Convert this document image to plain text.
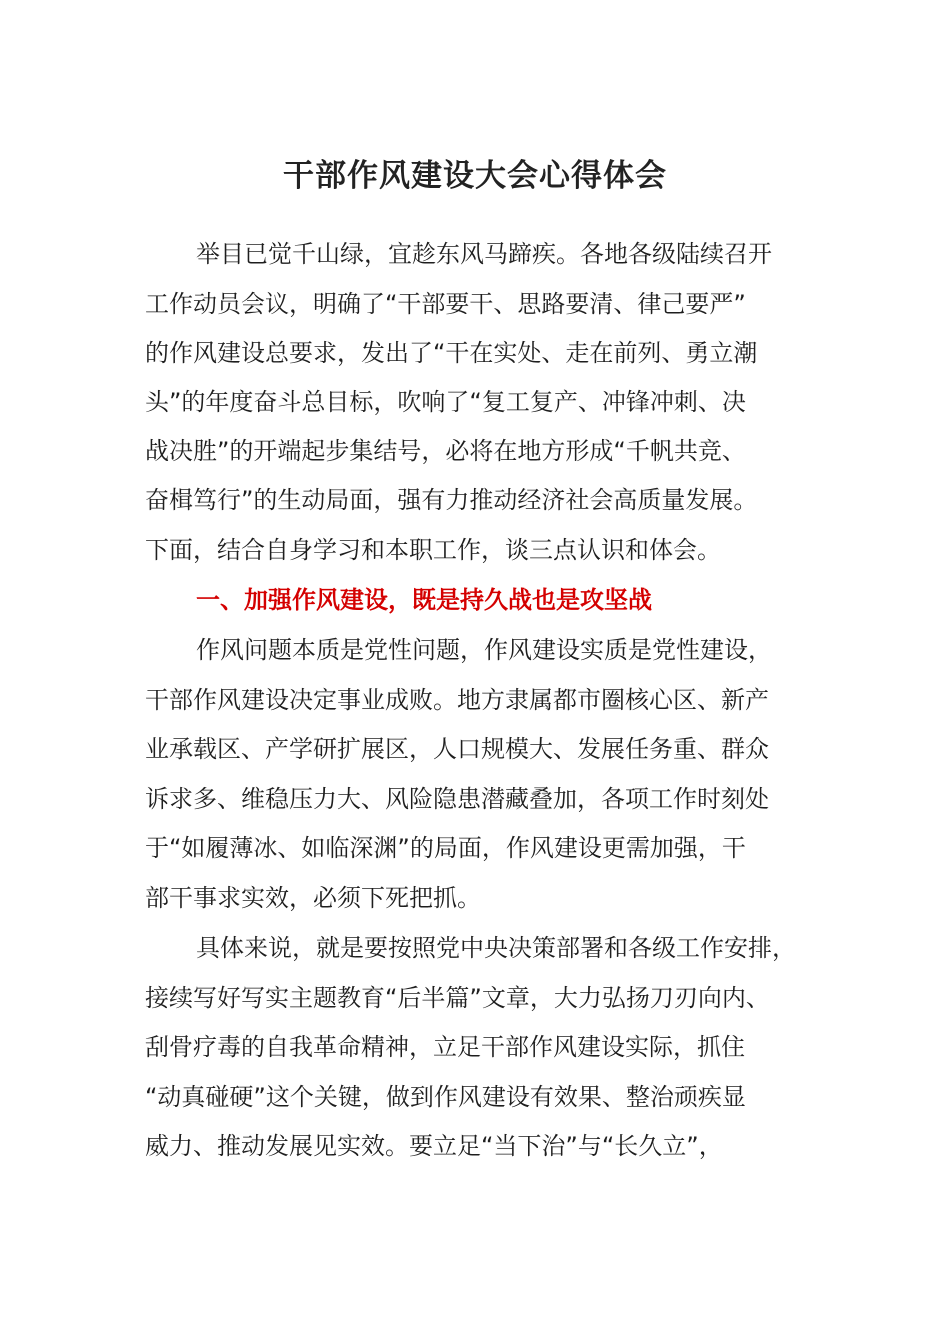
干部作风建设大会心得体会
举目已觉千山绿，宜趁东风马蹄疾。各地各级陆续召开
工作动员会议，明确了“干部要干、思路要清、律己要严”
的作风建设总要求，发出了“干在实处、走在前列、勇立潮
头”的年度奋斗总目标，吹响了“复工复产、冲锋冲刺、决
战决胜”的开端起步集结号，必将在地方形成“千帆共竞、
奋楫笃行”的生动局面，强有力推动经济社会高质量发展。
下面，结合自身学习和本职工作，谈三点认识和体会。
一、加强作风建设，既是持久战也是攻坚战
作风问题本质是党性问题，作风建设实质是党性建设，
干部作风建设决定事业成败。地方隶属都市圈核心区、新产
业承载区、产学研扩展区，人口规模大、发展任务重、群众
诉求多、维稳压力大、风险隐患潜藏叠加，各项工作时刻处
于“如履薄冰、如临深渊”的局面，作风建设更需加强，干
部干事求实效，必须下死把抓。
具体来说，就是要按照党中央决策部署和各级工作安排，
接续写好写实主题教育“后半篇”文章，大力弘扬刀刃向内、
刮骨疗毒的自我革命精神，立足干部作风建设实际，抓住
“动真碰硬”这个关键，做到作风建设有效果、整治顽疾显
威力、推动发展见实效。要立足“当下治”与“长久立”，
